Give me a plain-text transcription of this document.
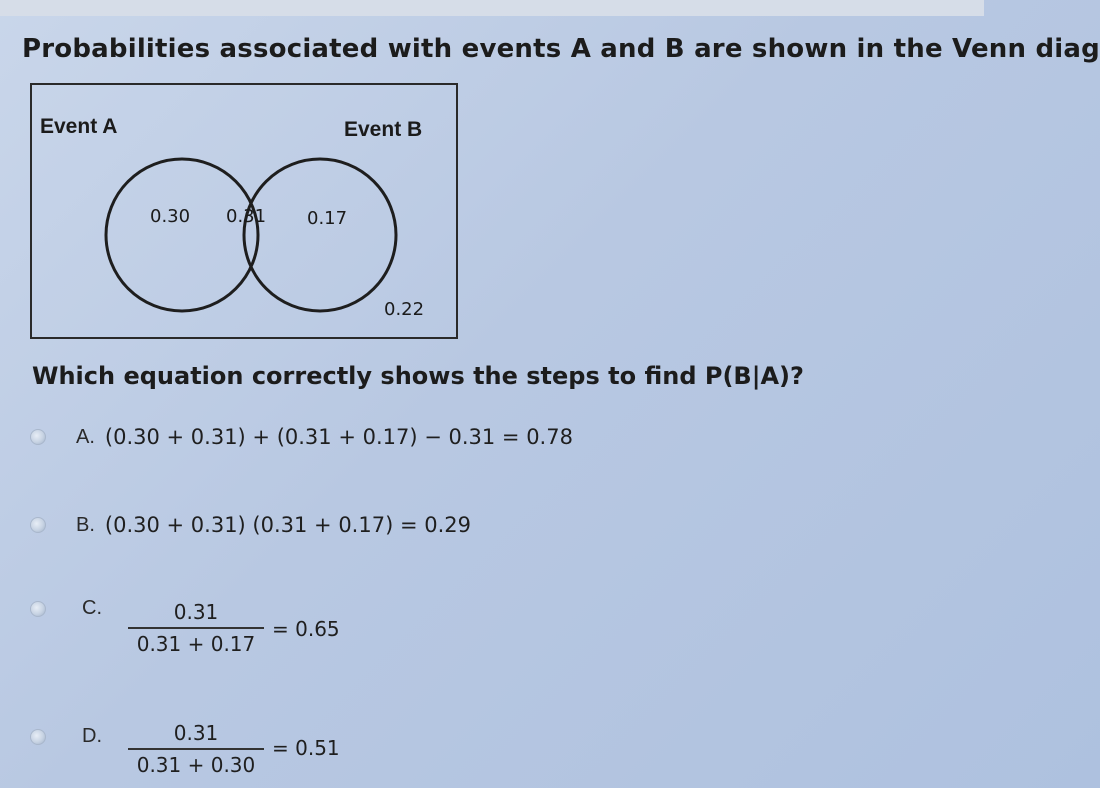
Probabilities associated with events A and B are shown in the Venn diag
Event A	Event B
0.30 0.31 0.17
0.22
Which equation correctly shows the steps to find P(B|A)?
A. (0.30 + 0.31) + (0.31 + 0.17) − 0.31 = 0.78
B. (0.30 + 0.31) (0.31 + 0.17) = 0.29
C.	0.31
0.31 + 0.17
= 0.65
D.	0.31
0.31 + 0.30
= 0.51
